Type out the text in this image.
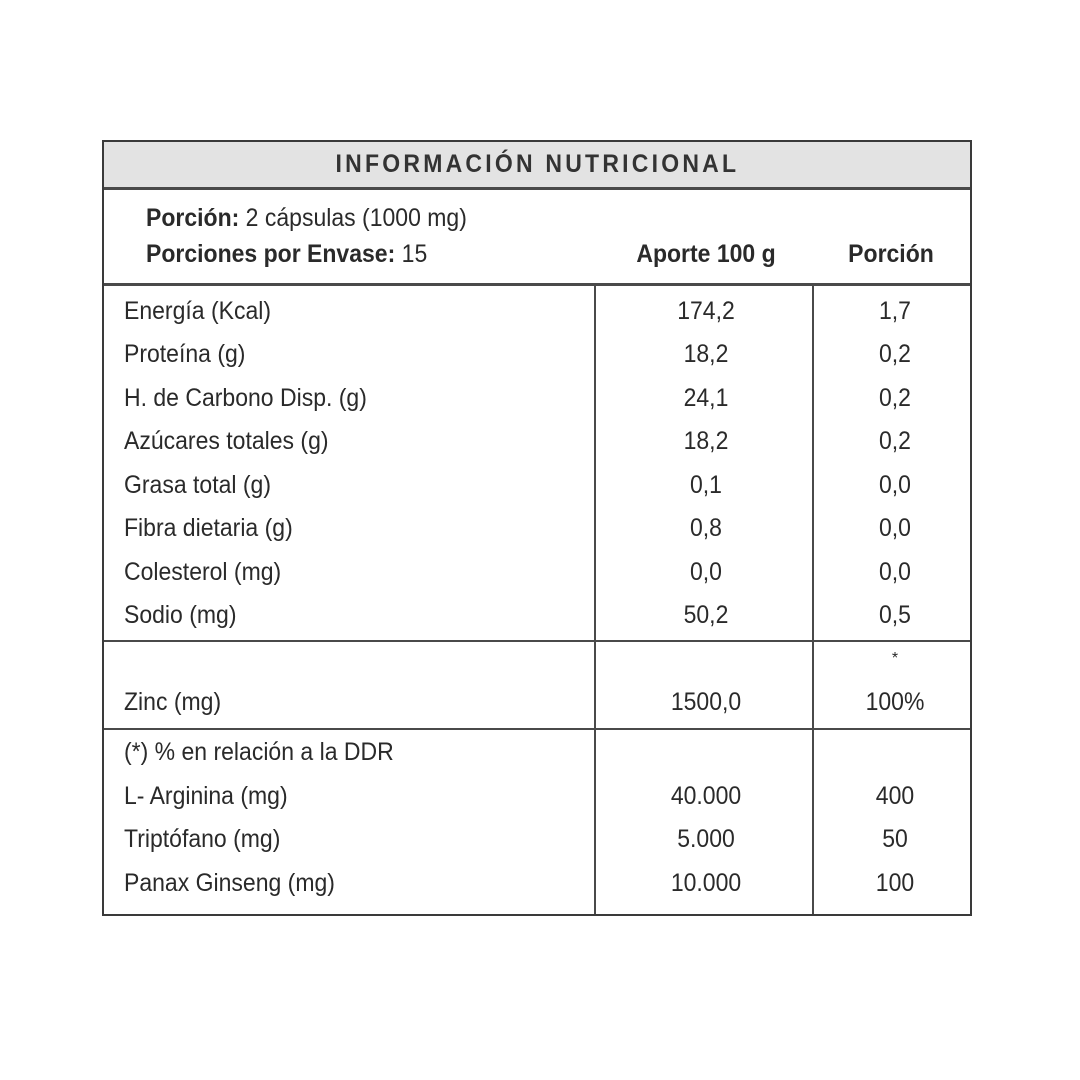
INFORMACIÓN NUTRICIONAL
Porción: 2 cápsulas (1000 mg)
Porciones por Envase: 15	Aporte 100 g	Porción
Energía (Kcal)	174,2	1,7
Proteína (g)	18,2	0,2
H. de Carbono Disp. (g)	24,1	0,2
Azúcares totales (g)	18,2	0,2
Grasa total (g)	0,1	0,0
Fibra dietaria (g)	0,8	0,0
Colesterol (mg)	0,0	0,0
Sodio (mg)	50,2	0,5
*
Zinc (mg)	1500,0	100%
(*) % en relación a la DDR
L- Arginina (mg)	40.000	400
Triptófano (mg)	5.000	50
Panax Ginseng (mg)	10.000	100
